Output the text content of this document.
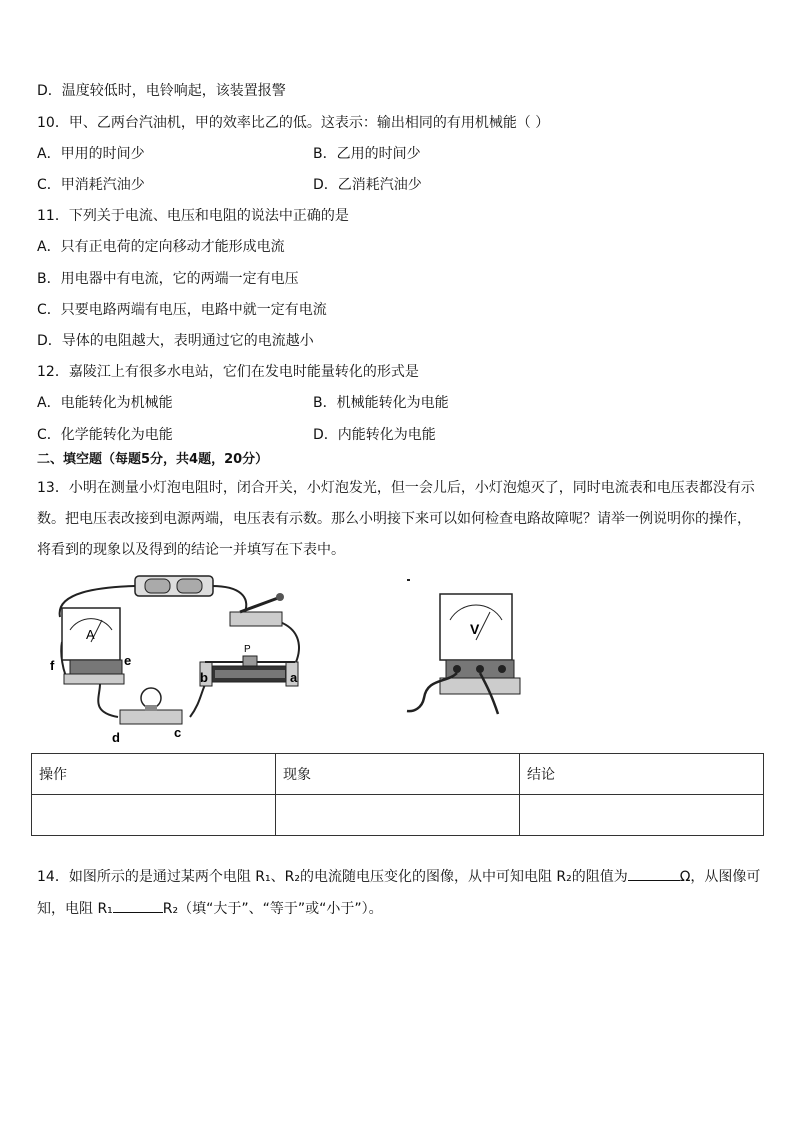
D．温度较低时，电铃响起，该装置报警
10．甲、乙两台汽油机，甲的效率比乙的低。这表示：输出相同的有用机械能（ ）
A．甲用的时间少	B．乙用的时间少
C．甲消耗汽油少	D．乙消耗汽油少
11．下列关于电流、电压和电阻的说法中正确的是
A．只有正电荷的定向移动才能形成电流
B．用电器中有电流，它的两端一定有电压
C．只要电路两端有电压，电路中就一定有电流
D．导体的电阻越大，表明通过它的电流越小
12．嘉陵江上有很多水电站，它们在发电时能量转化的形式是
A．电能转化为机械能	B．机械能转化为电能
C．化学能转化为电能	D．内能转化为电能
二、填空题（每题5分，共4题，20分）
13．小明在测量小灯泡电阻时，闭合开关，小灯泡发光，但一会儿后，小灯泡熄灭了，同时电流表和电压表都没有示
数。把电压表改接到电源两端，电压表有示数。那么小明接下来可以如何检查电路故障呢？请举一例说明你的操作，
将看到的现象以及得到的结论一并填写在下表中。
A
P
f	e
b	a
d	c
V
操作	现象	结论

14．如图所示的是通过某两个电阻 R₁、R₂的电流随电压变化的图像，从中可知电阻 R₂的阻值为	Ω，从图像可
知，电阻 R₁	R₂（填“大于”、“等于”或“小于”）。
